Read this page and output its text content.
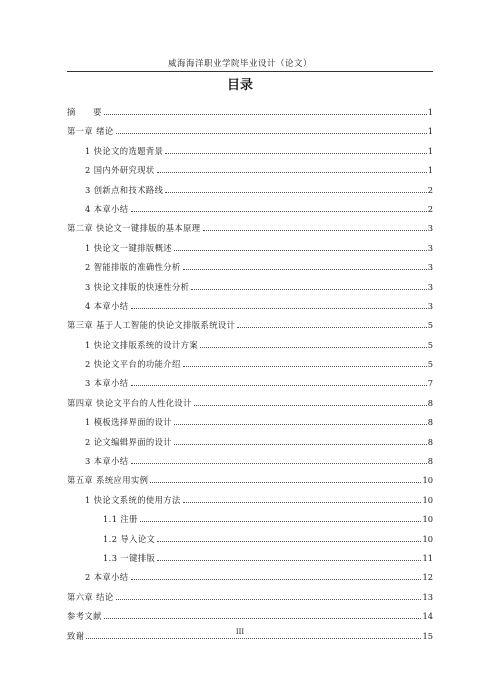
威海海洋职业学院毕业设计（论文）
目录
摘　　要	1
第一章 绪论	1
1 快论文的选题背景	1
2 国内外研究现状	1
3 创新点和技术路线	2
4 本章小结	2
第二章 快论文一键排版的基本原理	3
1 快论文一键排版概述	3
2 智能排版的准确性分析	3
3 快论文排版的快速性分析	3
4 本章小结	3
第三章 基于人工智能的快论文排版系统设计	5
1 快论文排版系统的设计方案	5
2 快论文平台的功能介绍	5
3 本章小结	7
第四章 快论文平台的人性化设计	8
1 模板选择界面的设计	8
2 论文编辑界面的设计	8
3 本章小结	8
第五章 系统应用实例	10
1 快论文系统的使用方法	10
1.1 注册	10
1.2 导入论文	10
1.3 一键排版	11
2 本章小结	12
第六章 结论	13
参考文献	14
致谢	15
III
